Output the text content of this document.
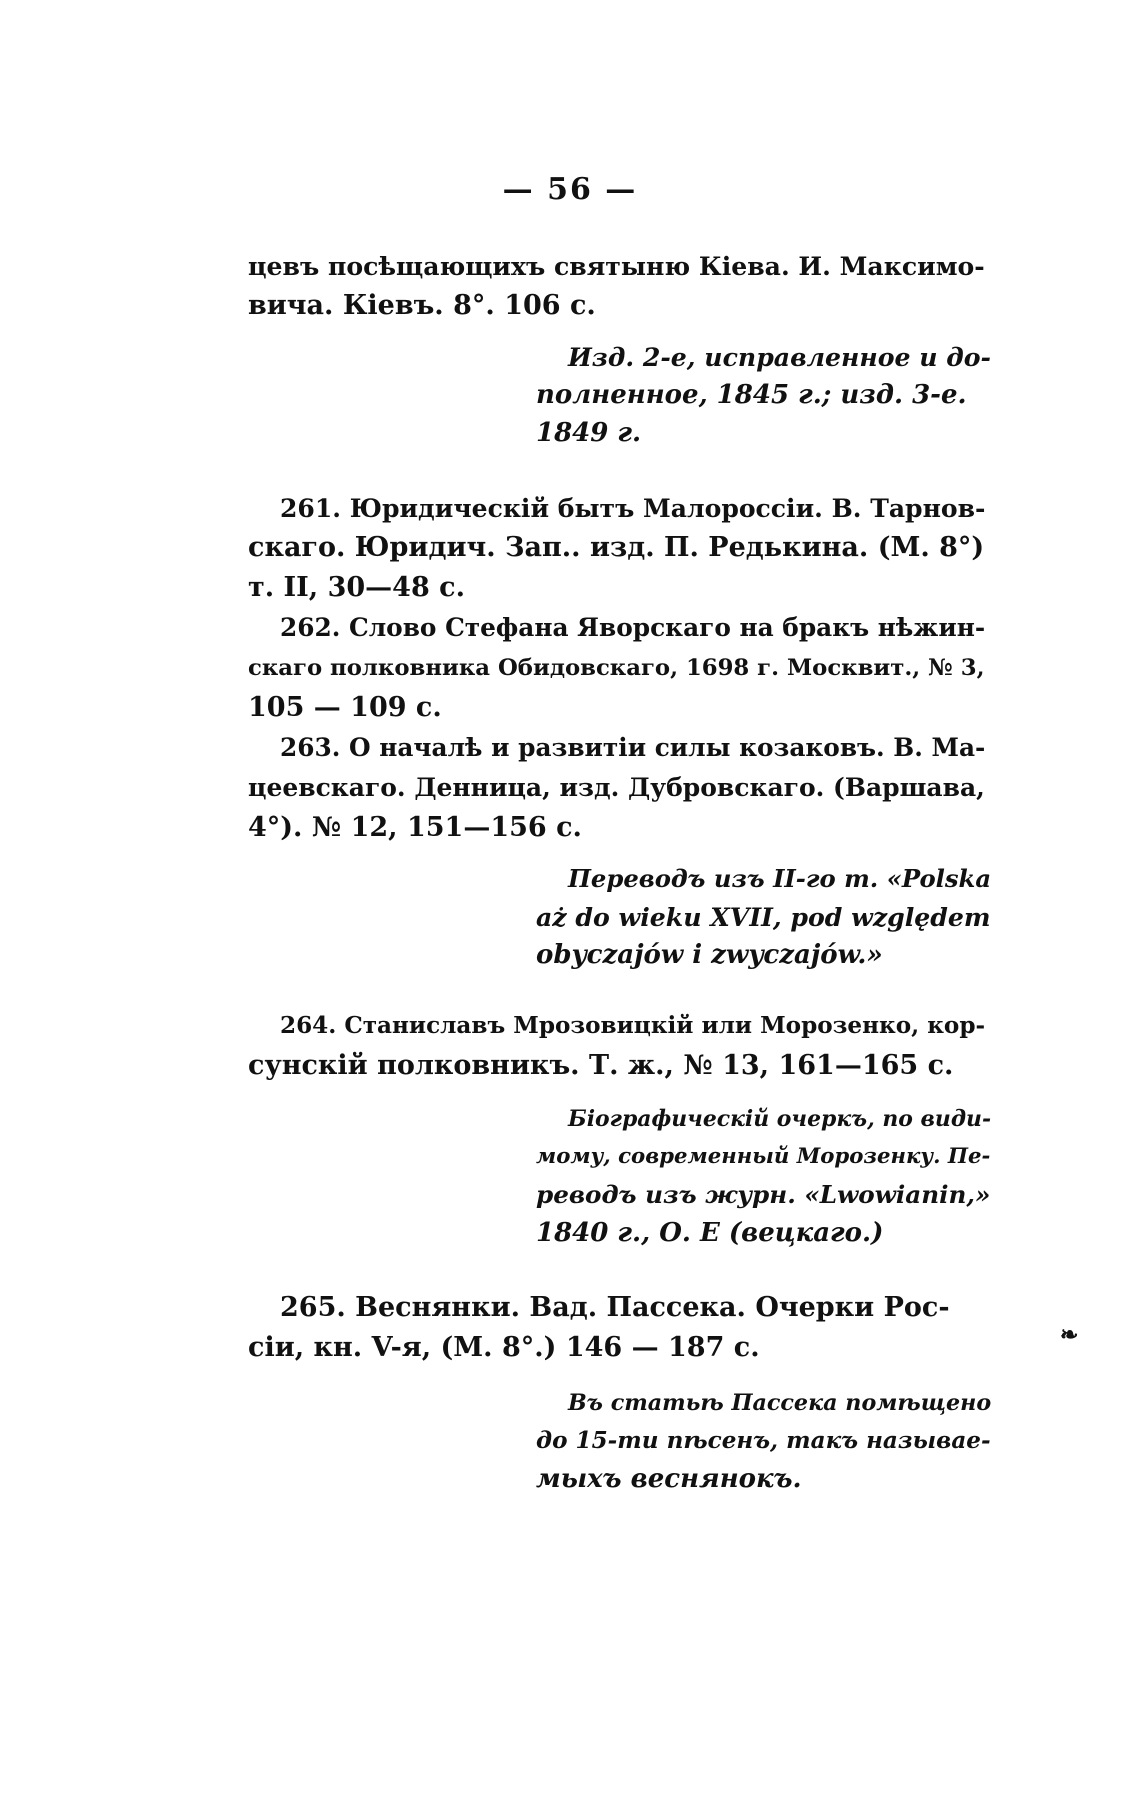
— 56 —
цевъ посѣщающихъ святыню Кіева. И. Максимо-
вича. Кіевъ. 8°. 106 с.
Изд. 2-е, исправленное и до-
полненное, 1845 г.; изд. 3-е.
1849 г.
261. Юридическій бытъ Малороссіи. В. Тарнов-
скаго. Юридич. Зап.. изд. П. Редькина. (М. 8°)
т. II, 30—48 с.
262. Слово Стефана Яворскаго на бракъ нѣжин-
скаго полковника Обидовскаго, 1698 г. Москвит., № 3,
105 — 109 с.
263. О началѣ и развитіи силы козаковъ. В. Ма-
цеевскаго. Денница, изд. Дубровскаго. (Варшава,
4°). № 12, 151—156 с.
Переводъ изъ II-го т. «Polska
aż do wieku XVII, pod względem
obyczajów i zwyczajów.»
264. Станиславъ Мрозовицкій или Морозенко, кор-
сунскій полковникъ. Т. ж., № 13, 161—165 с.
Біографическій очеркъ, по види-
мому, современный Морозенку. Пе-
реводъ изъ журн. «Lwowianin,»
1840 г., О. Е (вецкаго.)
265. Веснянки. Вад. Пассека. Очерки Рос-
сіи, кн. V-я, (М. 8°.) 146 — 187 с.
Въ статьѣ Пассека помѣщено
до 15-ти пѣсенъ, такъ называе-
мыхъ веснянокъ.
❧
